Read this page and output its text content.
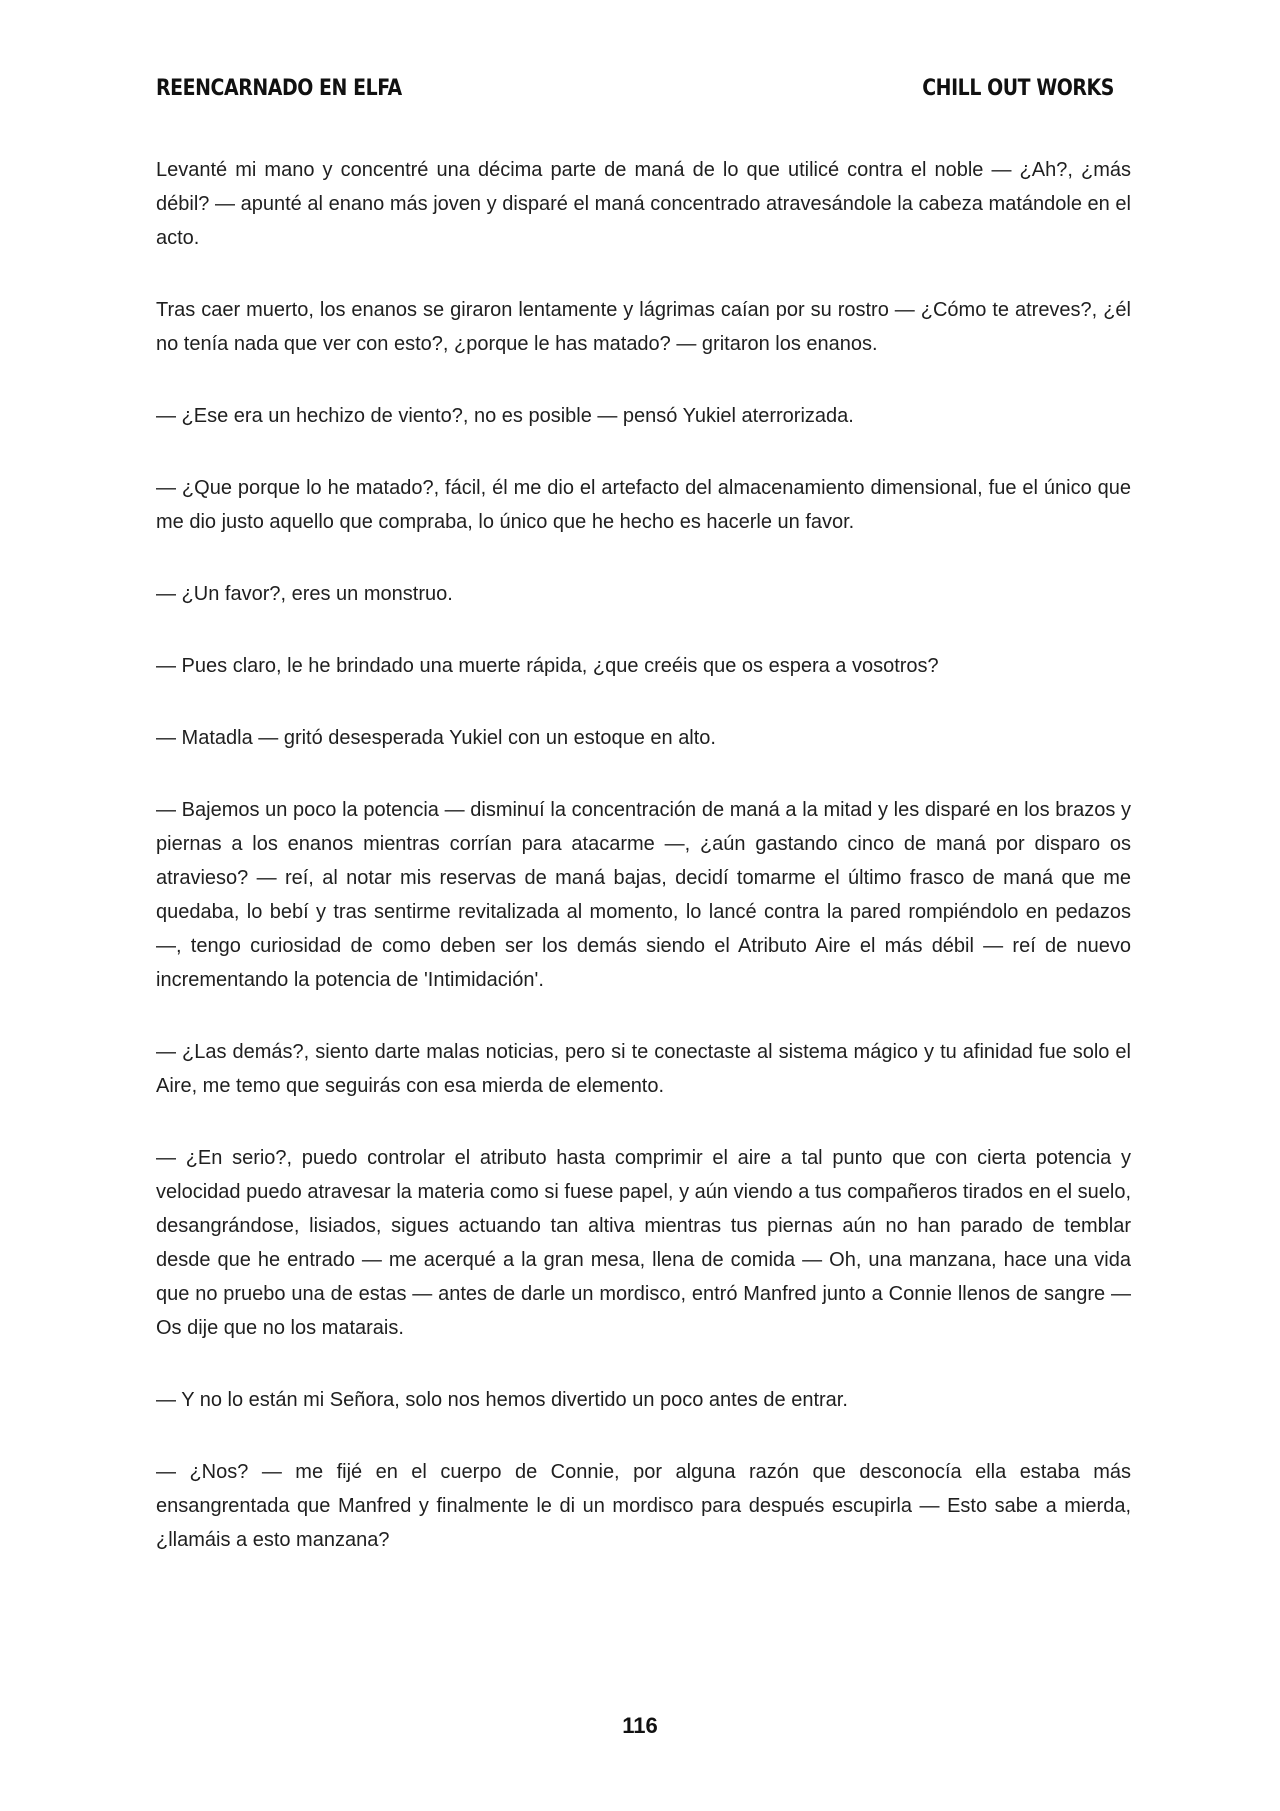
REENCARNADO EN ELFA	CHILL OUT WORKS

Levanté mi mano y concentré una décima parte de maná de lo que utilicé contra el noble — ¿Ah?, ¿más débil? — apunté al enano más joven y disparé el maná concentrado atravesándole la cabeza matándole en el acto.

Tras caer muerto, los enanos se giraron lentamente y lágrimas caían por su rostro — ¿Cómo te atreves?, ¿él no tenía nada que ver con esto?, ¿porque le has matado? — gritaron los enanos.

— ¿Ese era un hechizo de viento?, no es posible — pensó Yukiel aterrorizada.

— ¿Que porque lo he matado?, fácil, él me dio el artefacto del almacenamiento dimensional, fue el único que me dio justo aquello que compraba, lo único que he hecho es hacerle un favor.

— ¿Un favor?, eres un monstruo.

— Pues claro, le he brindado una muerte rápida, ¿que creéis que os espera a vosotros?

— Matadla — gritó desesperada Yukiel con un estoque en alto.

— Bajemos un poco la potencia — disminuí la concentración de maná a la mitad y les disparé en los brazos y piernas a los enanos mientras corrían para atacarme —, ¿aún gastando cinco de maná por disparo os atravieso? — reí, al notar mis reservas de maná bajas, decidí tomarme el último frasco de maná que me quedaba, lo bebí y tras sentirme revitalizada al momento, lo lancé contra la pared rompiéndolo en pedazos —, tengo curiosidad de como deben ser los demás siendo el Atributo Aire el más débil — reí de nuevo incrementando la potencia de 'Intimidación'.

— ¿Las demás?, siento darte malas noticias, pero si te conectaste al sistema mágico y tu afinidad fue solo el Aire, me temo que seguirás con esa mierda de elemento.

— ¿En serio?, puedo controlar el atributo hasta comprimir el aire a tal punto que con cierta potencia y velocidad puedo atravesar la materia como si fuese papel, y aún viendo a tus compañeros tirados en el suelo, desangrándose, lisiados, sigues actuando tan altiva mientras tus piernas aún no han parado de temblar desde que he entrado — me acerqué a la gran mesa, llena de comida — Oh, una manzana, hace una vida que no pruebo una de estas — antes de darle un mordisco, entró Manfred junto a Connie llenos de sangre — Os dije que no los matarais.

— Y no lo están mi Señora, solo nos hemos divertido un poco antes de entrar.

— ¿Nos? — me fijé en el cuerpo de Connie, por alguna razón que desconocía ella estaba más ensangrentada que Manfred y finalmente le di un mordisco para después escupirla — Esto sabe a mierda, ¿llamáis a esto manzana?

116
